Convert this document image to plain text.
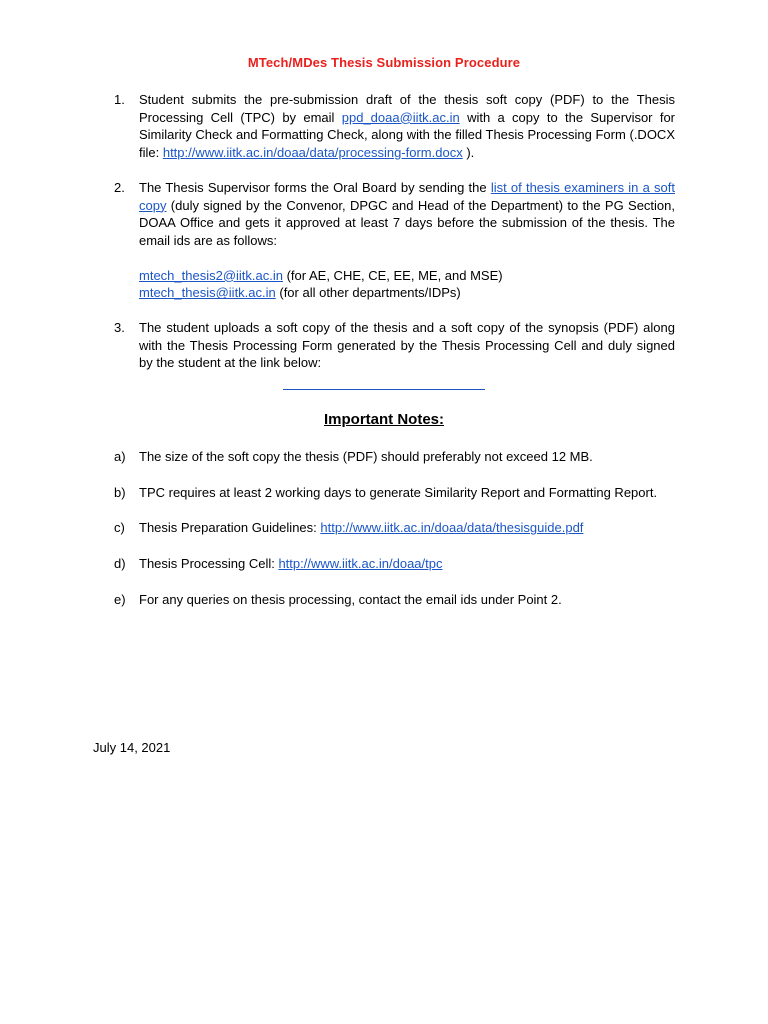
MTech/MDes Thesis Submission Procedure
1. Student submits the pre-submission draft of the thesis soft copy (PDF) to the Thesis Processing Cell (TPC) by email ppd_doaa@iitk.ac.in with a copy to the Supervisor for Similarity Check and Formatting Check, along with the filled Thesis Processing Form (.DOCX file: http://www.iitk.ac.in/doaa/data/processing-form.docx ).

2. The Thesis Supervisor forms the Oral Board by sending the list of thesis examiners in a soft copy (duly signed by the Convenor, DPGC and Head of the Department) to the PG Section, DOAA Office and gets it approved at least 7 days before the submission of the thesis. The email ids are as follows:

mtech_thesis2@iitk.ac.in (for AE, CHE, CE, EE, ME, and MSE)
mtech_thesis@iitk.ac.in (for all other departments/IDPs)
3. The student uploads a soft copy of the thesis and a soft copy of the synopsis (PDF) along with the Thesis Processing Form generated by the Thesis Processing Cell and duly signed by the student at the link below:

Important Notes:
a) The size of the soft copy the thesis (PDF) should preferably not exceed 12 MB.

b) TPC requires at least 2 working days to generate Similarity Report and Formatting Report.

c) Thesis Preparation Guidelines: http://www.iitk.ac.in/doaa/data/thesisguide.pdf

d) Thesis Processing Cell: http://www.iitk.ac.in/doaa/tpc

e) For any queries on thesis processing, contact the email ids under Point 2.

July 14, 2021
